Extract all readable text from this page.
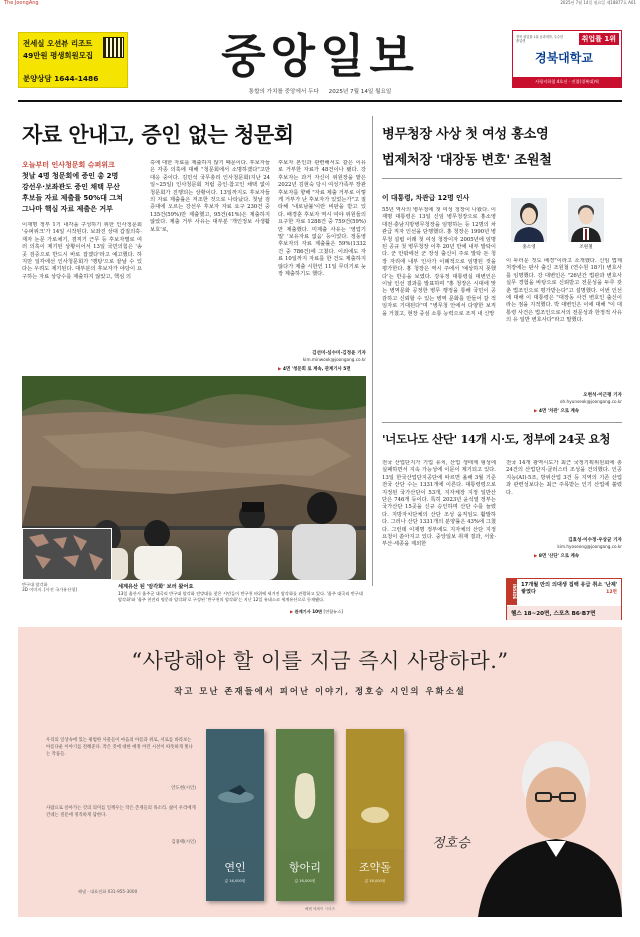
The JoongAng	2025년 7월 14일 월요일 제18877호 A01
전세실 오션뷰 리조트
49만원 평생회원모집
분양상담 1644-1486	중앙일보
통합의 가치를 중앙에서 두다 2025년 7월 14일 월요일
취업률 1위
경북 취업률 1위 공과대학, 우수한 졸업생
경북대학교
사평지하철 4호선 · 진접(경복대)역
자료 안내고, 증인 없는 청문회
오늘부터 인사청문회 슈퍼위크
첫날 4명 청문회에 증인 총 2명
강선우·보좌관도 증인 채택 무산
후보들 자료 제출률 50%대 그쳐
그나마 핵심 자료 제출은 거부
이재명 정부 1기 내각을 구성하기 위한 인사청문회 '슈퍼위크'가 14일 시작된다. 보좌진 상대 갑질의혹·재자 논문 가로채기, 겸직기 근무 등 후보자별로 여러 의혹이 제기된 상황이어서 13일 국민의힘은 '송곳 검증으로 반드시 바로 잡겠다'라고 예고했다. 하지만 일각에선 인사청문회가 '맹탕'으로 끝날 수 있다는 우려도 제기된다. 대부분의 후보자가 야당이 요구하는 자료 상당수를 제출하지 않았고, 핵심 의
혹에 대한 자료를 제출하지 않기 때문이다. 후보자들은 각종 의혹에 대해 "청문회에서 소명하겠다"고만 대응 중이다. 김민석 국무총리 인사청문회(지난 24일~25일) 인사청문회 처럼 증인·참고인 채택 없이 청문회가 진행되는 상황이다. 13일까지도 후보자들의 자료 제출률은 저조한 것으로 나타났다. 첫날 검증대에 오르는 강선우 후보자 자료 요구 230건 중 135건(59%)만 제출했고, 95건(41%)은 제출하지 않았다. 제출 거부 사유는 대부분 '개인정보 사생활 보호'로,
후보자 본인과 관련해서도 같은 이유로 거부한 자료가 48건이나 됐다. 강 후보자는 과거 자신이 위원장을 맡은 2022년 김현숙 당시 여성가족부 장관 후보자를 향해 "자료 제출 거부로 이렇게 거부가 난 후보자가 있었는가"고 질타해 '내로남불'이란 비판을 받고 있다. 배경훈 후보자 역시 여야 위원들의 요구한 자료 1288건 중 759건(59%)만 제출했다. 미제출 사유는 '영업기밀' '보유자료 없음' 등이었다. 정동영 후보자의 자료 제출률은 59%(1332건 중 786건)에 그쳤다. 이외에도 자료 10일까지 자료를 한 건도 제출하지 않다가 제출 시한인 11일 무더기로 늦장 제출하기도 했다.
김선미·심수미·김정윤 기자
kim.minwook@joongang.co.kr
▶ 4면 '청문회 로 계속, 관계기사 5면
반구대 암각화
3D 이미지. [사진 국가유산청]	세계유산 된 '암각화' 보러 왔어요
13일 울산시 울주군 대곡리 반구대 암각화 전망대를 찾은 시민들이 반구천 바위에 새겨진 암각화를 관람하고 있다. '울주 대곡리 반구대 암각화'와 '울주 천전리 명문과 암각화'로 구성된 '반구천의 암각화'는 지난 12일 유네스코 세계유산으로 등재됐다.
▶ 관계기사 10면 [연합뉴스]
병무청장 사상 첫 여성 홍소영
법제처장 '대장동 변호' 조원철
이 대통령, 차관급 12명 인사
55년 역사의 병무청에 첫 여성 청장이 나왔다. 이재명 대통령은 13일 신임 병무청장으로 홍소영 대전·충남지방병무청장을 임명하는 등 12명의 차관급 직자 인선을 단행했다. 홍 청장은 1990년 병무청 설립 이래 첫 여성 청장이자 2005년에 임명된 공규 첫 병무청장 이후 20년 만에 내부 발탁이다. 군 안팎에선 군 장성 출신이 주로 발탁 돈 청장 자리에 내부 인사가 이례적으로 임명된 것을 평가한다. 홍 청장은 역시 주에서 '예상하지 못했다'는 반응을 보였다. 강유정 대통령실 대변인은 이날 인선 결과를 발표하며 "홍 청장은 시대에 맞는 병역문화 공정한 병무 행정을 통해 국민이 공감하고 신뢰할 수 있는 병역 문화를 만들어 갈 적임자로 기대된다"며 "병무청 안에서 다양한 보직을 거쳤고, 현장 중심 소통 능력으로 조직 내 신망
홍소영	조원철
이 두터운 것도 배경"이라고 소개했다. 신임 법제처장에는 판사 출신 조원철 (연수원 18기) 변호사를 임명했다. 강 대변인은 "26년간 법관과 변호사 실무 경험을 바탕으로 신뢰받고 전문성을 두루 갖춘 법조인으로 평가받는다"고 설명했다. 이번 인선에 대해 이 대통령은 "대장동 사건 변호인 출신이라는 점을 지적했다. 박 대변인은 이에 대해 "이 대통령 사건은 법조인으로서의 전문성과 한정적 사유의 유 일반 변호사다"라고 말했다.
오현석·이근평 기자
oh.hyunseok@joongang.co.kr
▶ 4면 '차관' 으로 계속
'너도나도 산단' 14개 시·도, 정부에 24곳 요청
전국 산업단지가 기업 유치, 산업 생태계 형성에 실패하면서 지속 가능성에 이문이 제기되고 있다. 13일 한국산업단지공단에 따르면 올해 3월 기준 전국 산단 수는 1331개에 이른다. 대통령령으로 지정된 국가산단이 53개, 지자체장 지정 일반산단은 746개 등이다. 특히 2023년 윤석열 정부는 국가산단 15곳을 신규 승인하며 산단 수를 늘렸다. 지방자치단체의 산단 조성 움직임도 활발하다. 그러나 산단 1331개의 분양률은 43%에 그쳤다. 그런데 이재명 정부에도 지자체의 산단 지정 요청이 쏟아지고 있다. 중앙일보 취재 결과, 서울·부산·세종을 제외한
전국 14개 광역시도가 최근 국정기획위원회에 총 24건의 산업단지·클러스터 조성을 건의했다. 인공지능(AI)·5조, 방위산업 3건 등 지역의 기존 산업과 관련성보다는 최근 주목받는 인기 산업에 쏠렸다.
김효성·이수정·우상균 기자
kim.hyoseong@joongang.co.kr
▶ 8면 '산단' 으로 계속
INSIDE 17개월 만의 의대생 집백 유급 취소 '난제' 쌓였다	12면
헬스 18~20면, 스포츠 B6·B7면
“사랑해야 할 이를 지금 즉시 사랑하라.”
작고 모난 존재들에서 피어난 이야기, 정호승 시인의 우화소설
우리의 일상속에 있는 평범한 사물들이 마음의 아픔과 위로, 서로를 바라보는 아름다운 이야기를 전해준다. 작은 것에 대한 애정 어린 시선이 따뜻하게 빛나는 작품들.
안도현(시인)
사람으로 살아가는 것의 의미를 일깨우는 작은 존재들의 목소리. 삶이 우리에게 건네는 질문에 정직하게 답한다.
김용택(시인)
해냄 · 대표전화 031-955-3000
연인
값 16,000원
항아리
값 16,000원
조약돌
값 16,000원
정호승
해냄 에세이 시리즈
